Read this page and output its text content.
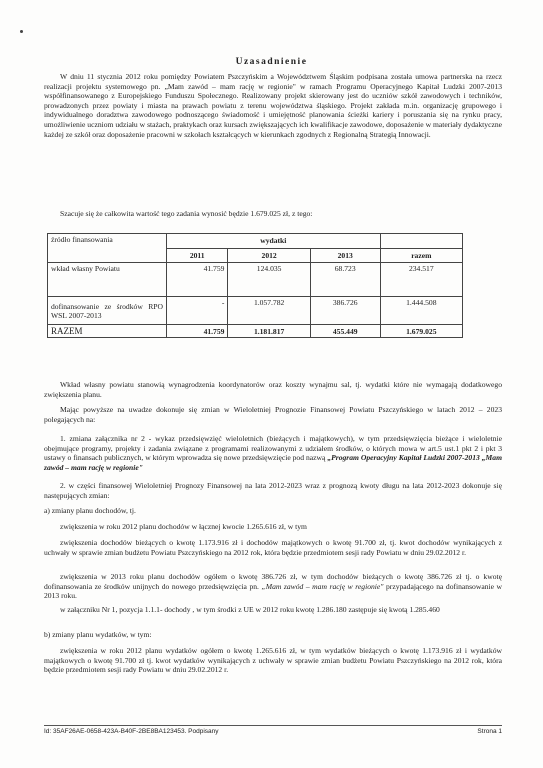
Uzasadnienie
W dniu 11 stycznia 2012 roku pomiędzy Powiatem Pszczyńskim a Województwem Śląskim podpisana została umowa partnerska na rzecz realizacji projektu systemowego pn. „Mam zawód – mam rację w regionie" w ramach Programu Operacyjnego Kapitał Ludzki 2007-2013 współfinansowanego z Europejskiego Funduszu Społecznego. Realizowany projekt skierowany jest do uczniów szkół zawodowych i techników, prowadzonych przez powiaty i miasta na prawach powiatu z terenu województwa śląskiego. Projekt zakłada m.in. organizację grupowego i indywidualnego doradztwa zawodowego podnoszącego świadomość i umiejętność planowania ścieżki kariery i poruszania się na rynku pracy, umożliwienie uczniom udziału w stażach, praktykach oraz kursach zwiększających ich kwalifikacje zawodowe, doposażenie w materiały dydaktyczne każdej ze szkół oraz doposażenie pracowni w szkołach kształcących w kierunkach zgodnych z Regionalną Strategią Innowacji.
Szacuje się że całkowita wartość tego zadania wynosić będzie 1.679.025 zł, z tego:
źródło finansowania	wydatki			
	2011	2012	2013	razem
wkład własny Powiatu	41.759	124.035	68.723	234.517
dofinansowanie ze środków RPO WSL 2007-2013	-	1.057.782	386.726	1.444.508
RAZEM	41.759	1.181.817	455.449	1.679.025
Wkład własny powiatu stanowią wynagrodzenia koordynatorów oraz koszty wynajmu sal, tj. wydatki które nie wymagają dodatkowego zwiększenia planu.
Mając powyższe na uwadze dokonuje się zmian w Wieloletniej Prognozie Finansowej Powiatu Pszczyńskiego w latach 2012 – 2023 polegających na:
1. zmiana załącznika nr 2 - wykaz przedsięwzięć wieloletnich (bieżących i majątkowych), w tym przedsięwzięcia bieżące i wieloletnie obejmujące programy, projekty i zadania związane z programami realizowanymi z udziałem środków, o których mowa w art.5 ust.1 pkt 2 i pkt 3 ustawy o finansach publicznych, w którym wprowadza się nowe przedsięwzięcie pod nazwą „Program Operacyjny Kapitał Ludzki 2007-2013 „Mam zawód – mam rację w regionie"
2. w części finansowej Wieloletniej Prognozy Finansowej na lata 2012-2023 wraz z prognozą kwoty długu na lata 2012-2023 dokonuje się następujących zmian:
a) zmiany planu dochodów, tj.
zwiększenia w roku 2012 planu dochodów w łącznej kwocie 1.265.616 zł, w tym
zwiększenia dochodów bieżących o kwotę 1.173.916 zł i dochodów majątkowych o kwotę 91.700 zł, tj. kwot dochodów wynikających z uchwały w sprawie zmian budżetu Powiatu Pszczyńskiego na 2012 rok, która będzie przedmiotem sesji rady Powiatu w dniu 29.02.2012 r.
zwiększenia w 2013 roku planu dochodów ogółem o kwotę 386.726 zł, w tym dochodów bieżących o kwotę 386.726 zł tj. o kwotę dofinansowania ze środków unijnych do nowego przedsięwzięcia pn. „Mam zawód – mam rację w regionie" przypadającego na dofinansowanie w 2013 roku.
w załączniku Nr 1, pozycja 1.1.1- dochody , w tym środki z UE w 2012 roku kwotę 1.286.180 zastępuje się kwotą 1.285.460
b) zmiany planu wydatków, w tym:
zwiększenia w roku 2012 planu wydatków ogółem o kwotę 1.265.616 zł, w tym wydatków bieżących o kwotę 1.173.916 zł i wydatków majątkowych o kwotę 91.700 zł tj. kwot wydatków wynikających z uchwały w sprawie zmian budżetu Powiatu Pszczyńskiego na 2012 rok, która będzie przedmiotem sesji rady Powiatu w dniu 29.02.2012 r.
Id: 35AF26AE-0658-423A-B40F-2BE8BA123453. Podpisany	Strona 1
